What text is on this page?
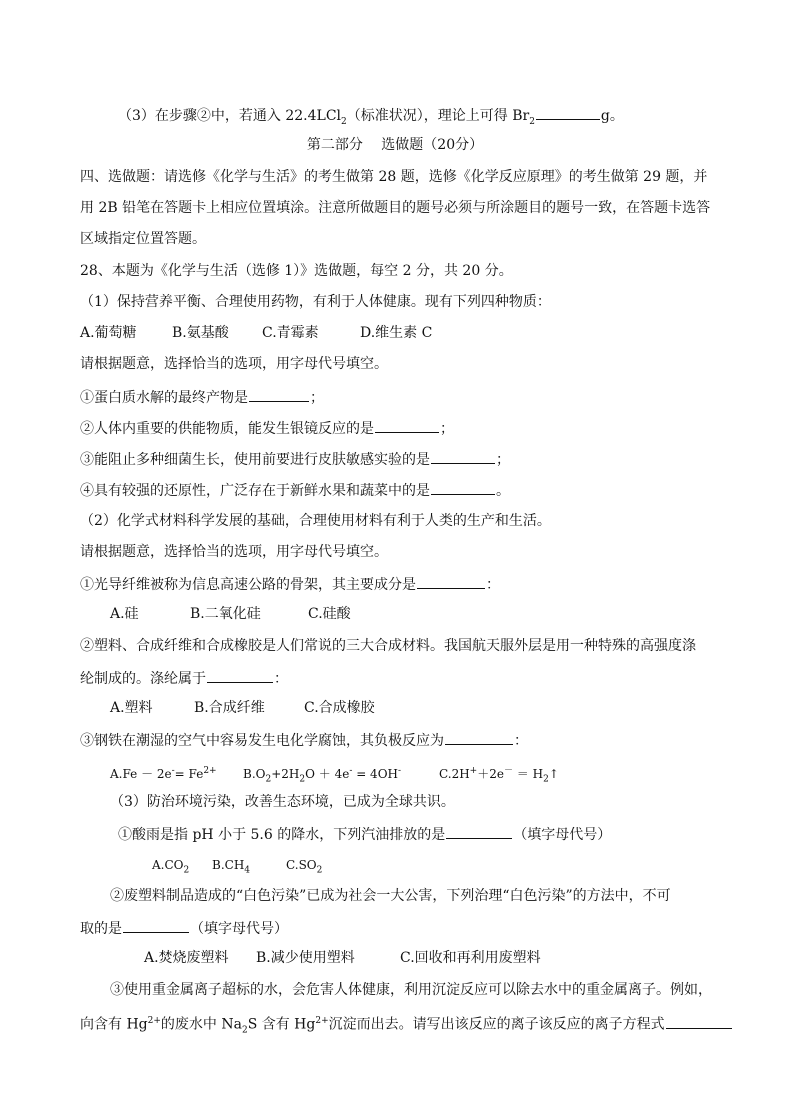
（3）在步骤②中，若通入 22.4LCl$_2$（标准状况），理论上可得 $Br_2$	g。
第二部分　 选做题（20分）
四、选做题：请选修《化学与生活》的考生做第 28 题，选修《化学反应原理》的考生做第 29 题，并
用 2B 铅笔在答题卡上相应位置填涂。注意所做题目的题号必须与所涂题目的题号一致，在答题卡选答
区域指定位置答题。
28、本题为《化学与生活（选修 1）》选做题，每空 2 分，共 20 分。
（1）保持营养平衡、合理使用药物，有利于人体健康。现有下列四种物质：
A.葡萄糖	B.氨基酸 C.青霉素	D.维生素 C
请根据题意，选择恰当的选项，用字母代号填空。
①蛋白质水解的最终产物是	；
②人体内重要的供能物质，能发生银镜反应的是	；
③能阻止多种细菌生长，使用前要进行皮肤敏感实验的是	；
④具有较强的还原性，广泛存在于新鲜水果和蔬菜中的是	。
（2）化学式材料科学发展的基础，合理使用材料有利于人类的生产和生活。
请根据题意，选择恰当的选项，用字母代号填空。
①光导纤维被称为信息高速公路的骨架，其主要成分是	：
A.硅	B.二氧化硅	C.硅酸
②塑料、合成纤维和合成橡胶是人们常说的三大合成材料。我国航天服外层是用一种特殊的高强度涤
纶制成的。涤纶属于	：
A.塑料	B.合成纤维	C.合成橡胶
③钢铁在潮湿的空气中容易发生电化学腐蚀，其负极反应为	：
$A.Fe - 2e^-= Fe^{2+}$ $B.O_2+2H_2O + 4e^- = 4OH^-$	$C.2H^++2e^- = H_2↑$
（3）防治环境污染，改善生态环境，已成为全球共识。
①酸雨是指 pH 小于 5.6 的降水，下列汽油排放的是	（填字母代号）
$A.CO_2$ $B.CH_4$	$C.SO_2$
②废塑料制品造成的“白色污染”已成为社会一大公害，下列治理“白色污染”的方法中，不可
取的是	（填字母代号）
A.焚烧废塑料 B.减少使用塑料	C.回收和再利用废塑料
③使用重金属离子超标的水，会危害人体健康，利用沉淀反应可以除去水中的重金属离子。例如，
向含有 $Hg^{2+}$的废水中 $Na_2S$ 含有 $Hg^{2+}$沉淀而出去。请写出该反应的离子该反应的离子方程式
